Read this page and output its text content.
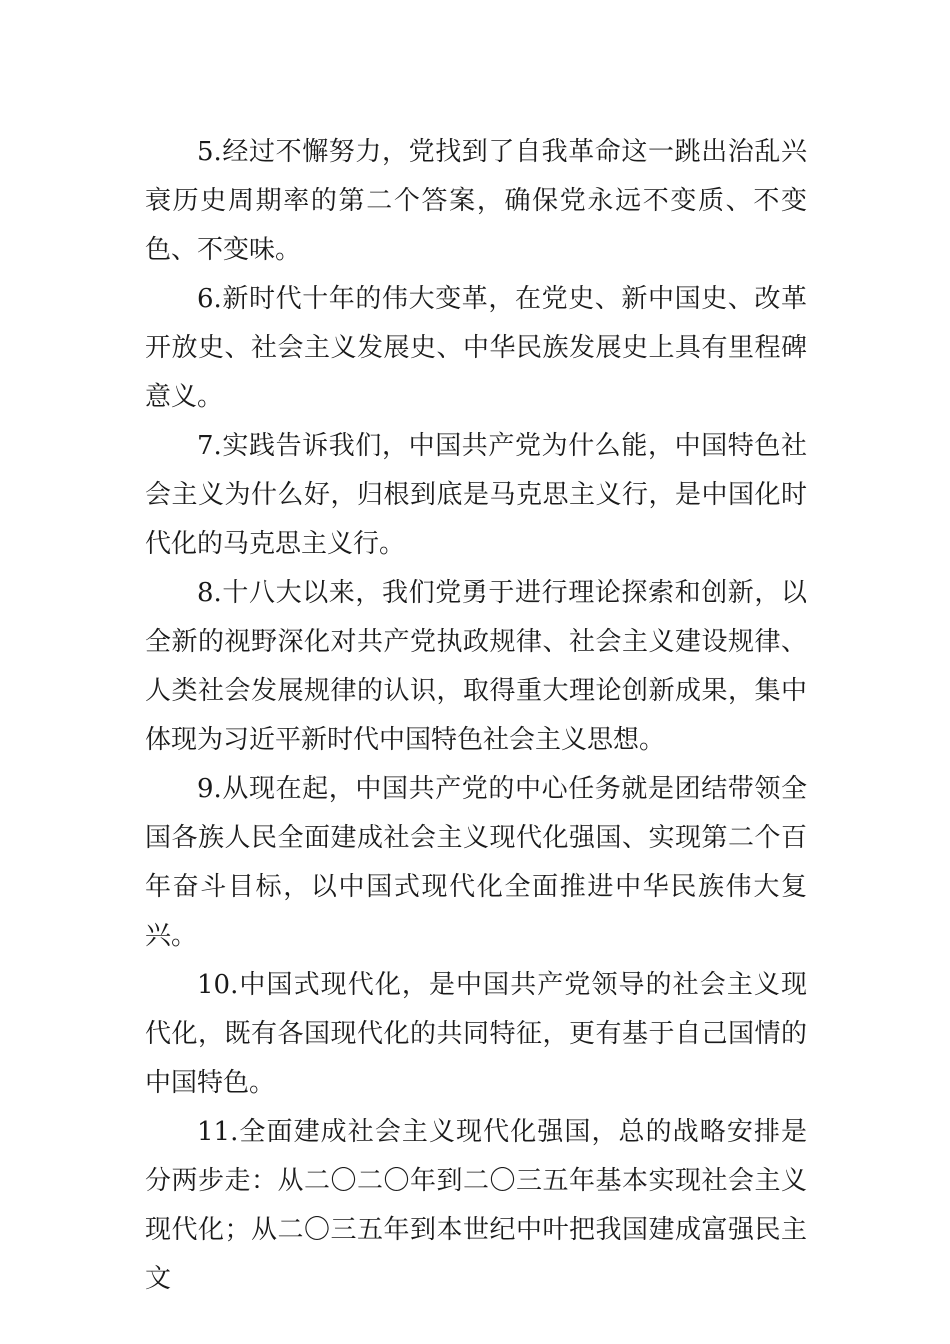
5.经过不懈努力，党找到了自我革命这一跳出治乱兴衰历史周期率的第二个答案，确保党永远不变质、不变色、不变味。

6.新时代十年的伟大变革，在党史、新中国史、改革开放史、社会主义发展史、中华民族发展史上具有里程碑意义。

7.实践告诉我们，中国共产党为什么能，中国特色社会主义为什么好，归根到底是马克思主义行，是中国化时代化的马克思主义行。

8.十八大以来，我们党勇于进行理论探索和创新，以全新的视野深化对共产党执政规律、社会主义建设规律、人类社会发展规律的认识，取得重大理论创新成果，集中体现为习近平新时代中国特色社会主义思想。

9.从现在起，中国共产党的中心任务就是团结带领全国各族人民全面建成社会主义现代化强国、实现第二个百年奋斗目标，以中国式现代化全面推进中华民族伟大复兴。

10.中国式现代化，是中国共产党领导的社会主义现代化，既有各国现代化的共同特征，更有基于自己国情的中国特色。

11.全面建成社会主义现代化强国，总的战略安排是分两步走：从二〇二〇年到二〇三五年基本实现社会主义现代化；从二〇三五年到本世纪中叶把我国建成富强民主文
